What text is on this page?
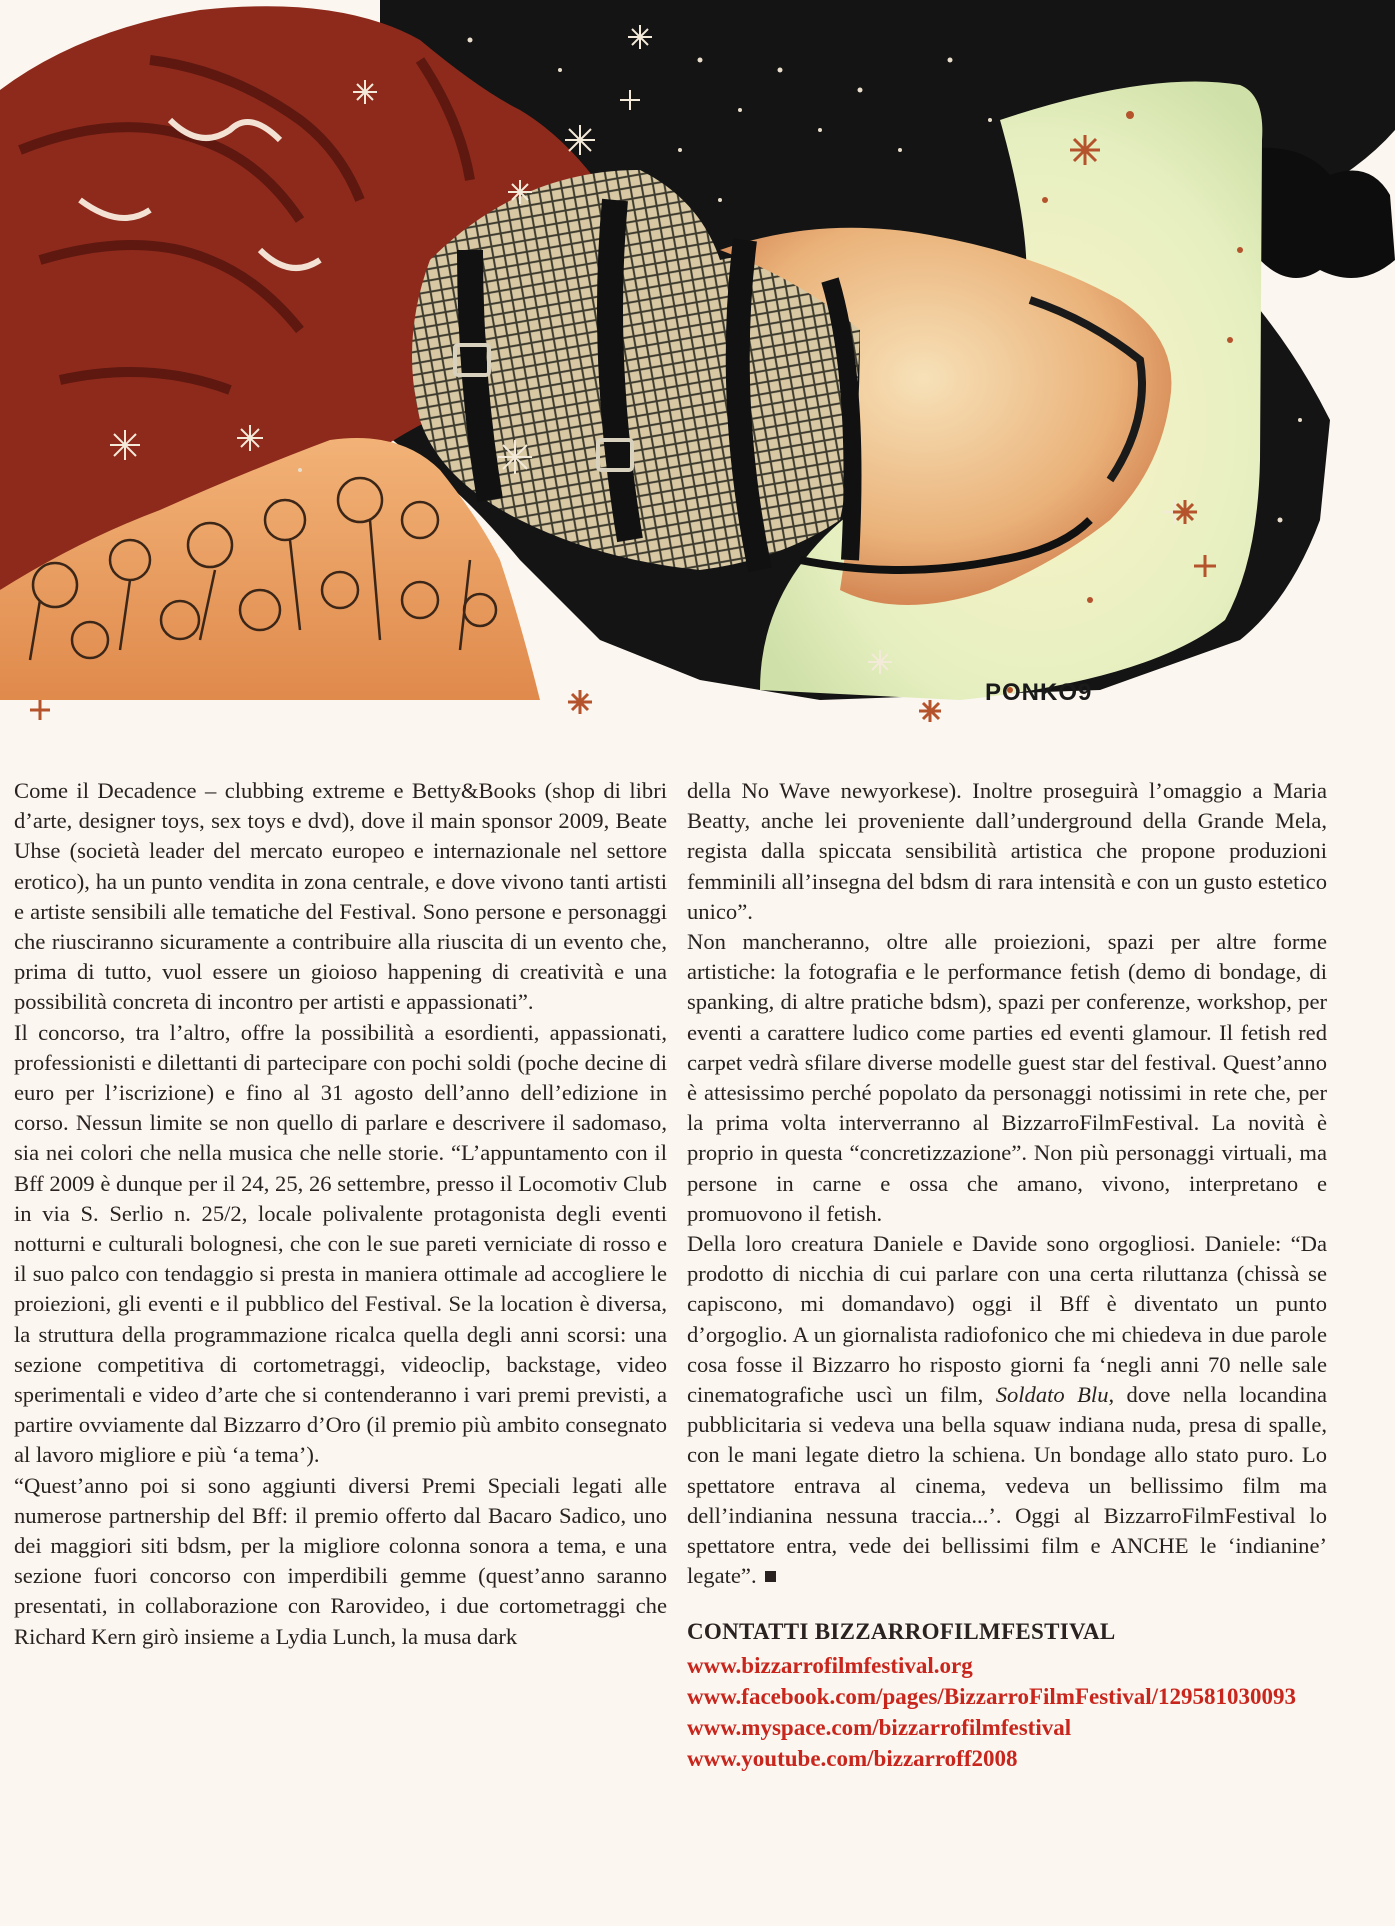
PONKO9

Come il Decadence – clubbing extreme e Betty&Books (shop di libri d’arte, designer toys, sex toys e dvd), dove il main sponsor 2009, Beate Uhse (società leader del mercato europeo e internazionale nel settore erotico), ha un punto vendita in zona centrale, e dove vivono tanti artisti e artiste sensibili alle tematiche del Festival. Sono persone e personaggi che riusciranno sicuramente a contribuire alla riuscita di un evento che, prima di tutto, vuol essere un gioioso happening di creatività e una possibilità concreta di incontro per artisti e appassionati”.

Il concorso, tra l’altro, offre la possibilità a esordienti, appassionati, professionisti e dilettanti di partecipare con pochi soldi (poche decine di euro per l’iscrizione) e fino al 31 agosto dell’anno dell’edizione in corso. Nessun limite se non quello di parlare e descrivere il sadomaso, sia nei colori che nella musica che nelle storie. “L’appuntamento con il Bff 2009 è dunque per il 24, 25, 26 settembre, presso il Locomotiv Club in via S. Serlio n. 25/2, locale polivalente protagonista degli eventi notturni e culturali bolognesi, che con le sue pareti verniciate di rosso e il suo palco con tendaggio si presta in maniera ottimale ad accogliere le proiezioni, gli eventi e il pubblico del Festival. Se la location è diversa, la struttura della programmazione ricalca quella degli anni scorsi: una sezione competitiva di cortometraggi, videoclip, backstage, video sperimentali e video d’arte che si contenderanno i vari premi previsti, a partire ovviamente dal Bizzarro d’Oro (il premio più ambito consegnato al lavoro migliore e più ‘a tema’).

“Quest’anno poi si sono aggiunti diversi Premi Speciali legati alle numerose partnership del Bff: il premio offerto dal Bacaro Sadico, uno dei maggiori siti bdsm, per la migliore colonna sonora a tema, e una sezione fuori concorso con imperdibili gemme (quest’anno saranno presentati, in collaborazione con Rarovideo, i due cortometraggi che Richard Kern girò insieme a Lydia Lunch, la musa dark

della No Wave newyorkese). Inoltre proseguirà l’omaggio a Maria Beatty, anche lei proveniente dall’underground della Grande Mela, regista dalla spiccata sensibilità artistica che propone produzioni femminili all’insegna del bdsm di rara intensità e con un gusto estetico unico”.

Non mancheranno, oltre alle proiezioni, spazi per altre forme artistiche: la fotografia e le performance fetish (demo di bondage, di spanking, di altre pratiche bdsm), spazi per conferenze, workshop, per eventi a carattere ludico come parties ed eventi glamour. Il fetish red carpet vedrà sfilare diverse modelle guest star del festival. Quest’anno è attesissimo perché popolato da personaggi notissimi in rete che, per la prima volta interverranno al BizzarroFilmFestival. La novità è proprio in questa “concretizzazione”. Non più personaggi virtuali, ma persone in carne e ossa che amano, vivono, interpretano e promuovono il fetish.

Della loro creatura Daniele e Davide sono orgogliosi. Daniele: “Da prodotto di nicchia di cui parlare con una certa riluttanza (chissà se capiscono, mi domandavo) oggi il Bff è diventato un punto d’orgoglio. A un giornalista radiofonico che mi chiedeva in due parole cosa fosse il Bizzarro ho risposto giorni fa ‘negli anni 70 nelle sale cinematografiche uscì un film, Soldato Blu, dove nella locandina pubblicitaria si vedeva una bella squaw indiana nuda, presa di spalle, con le mani legate dietro la schiena. Un bondage allo stato puro. Lo spettatore entrava al cinema, vedeva un bellissimo film ma dell’indianina nessuna traccia...’. Oggi al BizzarroFilmFestival lo spettatore entra, vede dei bellissimi film e ANCHE le ‘indianine’ legate”.

CONTATTI BIZZARROFILMFESTIVAL
www.bizzarrofilmfestival.org
www.facebook.com/pages/BizzarroFilmFestival/129581030093
www.myspace.com/bizzarrofilmfestival
www.youtube.com/bizzarroff2008
